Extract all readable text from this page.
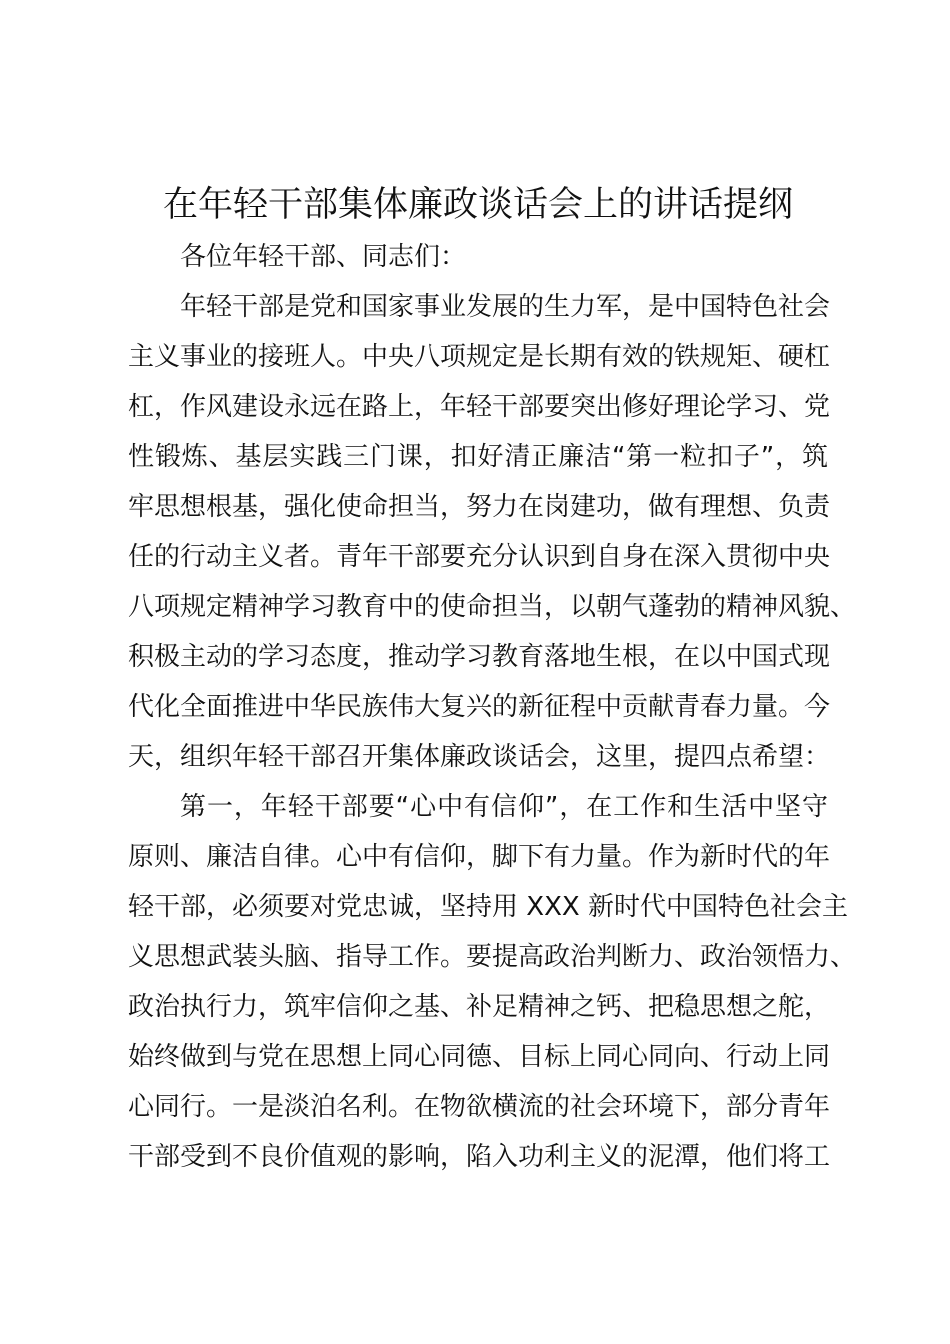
在年轻干部集体廉政谈话会上的讲话提纲
各位年轻干部、同志们：
年轻干部是党和国家事业发展的生力军，是中国特色社会
主义事业的接班人。中央八项规定是长期有效的铁规矩、硬杠
杠，作风建设永远在路上，年轻干部要突出修好理论学习、党
性锻炼、基层实践三门课，扣好清正廉洁“第一粒扣子”，筑
牢思想根基，强化使命担当，努力在岗建功，做有理想、负责
任的行动主义者。青年干部要充分认识到自身在深入贯彻中央
八项规定精神学习教育中的使命担当，以朝气蓬勃的精神风貌、
积极主动的学习态度，推动学习教育落地生根，在以中国式现
代化全面推进中华民族伟大复兴的新征程中贡献青春力量。今
天，组织年轻干部召开集体廉政谈话会，这里，提四点希望：
第一，年轻干部要“心中有信仰”，在工作和生活中坚守
原则、廉洁自律。心中有信仰，脚下有力量。作为新时代的年
轻干部，必须要对党忠诚，坚持用 XXX 新时代中国特色社会主
义思想武装头脑、指导工作。要提高政治判断力、政治领悟力、
政治执行力，筑牢信仰之基、补足精神之钙、把稳思想之舵，
始终做到与党在思想上同心同德、目标上同心同向、行动上同
心同行。一是淡泊名利。在物欲横流的社会环境下，部分青年
干部受到不良价值观的影响，陷入功利主义的泥潭，他们将工
